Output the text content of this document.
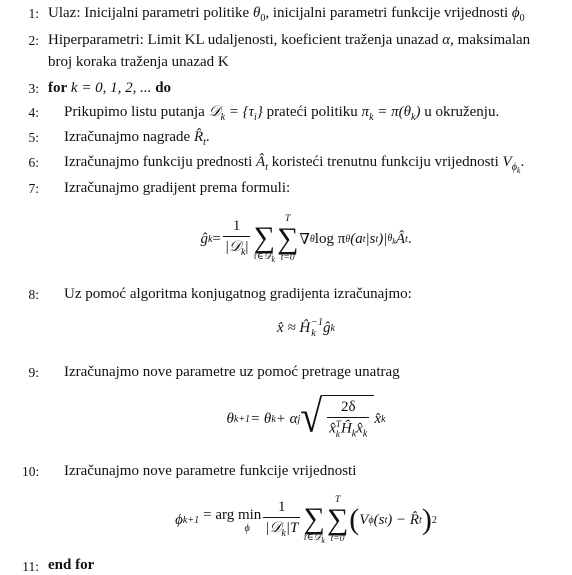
1: Ulaz: Inicijalni parametri politike $\theta_0$, inicijalni parametri funkcije vrijednosti $\phi_0$
2: Hiperparametri: Limit KL udaljenosti, koeficient traženja unazad α, maksimalan
broj koraka traženja unazad K
3: for k = 0, 1, 2, ... do
4: Prikupimo listu putanja 𝒟$_k$ = $\{\tau_i\}$ prateći politiku $\pi_k = \pi(\theta_k)$ u okruženju.
5: Izračunajmo nagrade $R̂_t$.
6: Izračunajmo funkciju prednosti $Â_t$ koristeći trenutnu funkciju vrijednosti $V_{\phi_k}$.
7: Izračunajmo gradijent prema formuli:
ĝ $k = \frac{1}{|𝒟_k|}$ ∑
τ∈𝒟$_k$
T
∑
t=0
∇ θ log π θ (a t |s t )| $\theta_k$ Â t .
8: Uz pomoć algoritma konjugatnog gradijenta izračunajmo:
x̂ ≈ Ĥ −1
k ĝ k
9: Izračunajmo nove parametre uz pomoć pretrage unatrag
θ k+1 = θ k + α j √ 2δ
x̂ T
k $Ĥ_kx̂_k$ x̂ k
10: Izračunajmo nove parametre funkcije vrijednosti
ϕ k+1 = arg min
ϕ $\frac{1}{|𝒟_k|T}$ ∑
τ∈𝒟$_k$
T
∑
t=0
( V ϕ (s t ) − R̂ t ) 2
11: end for
